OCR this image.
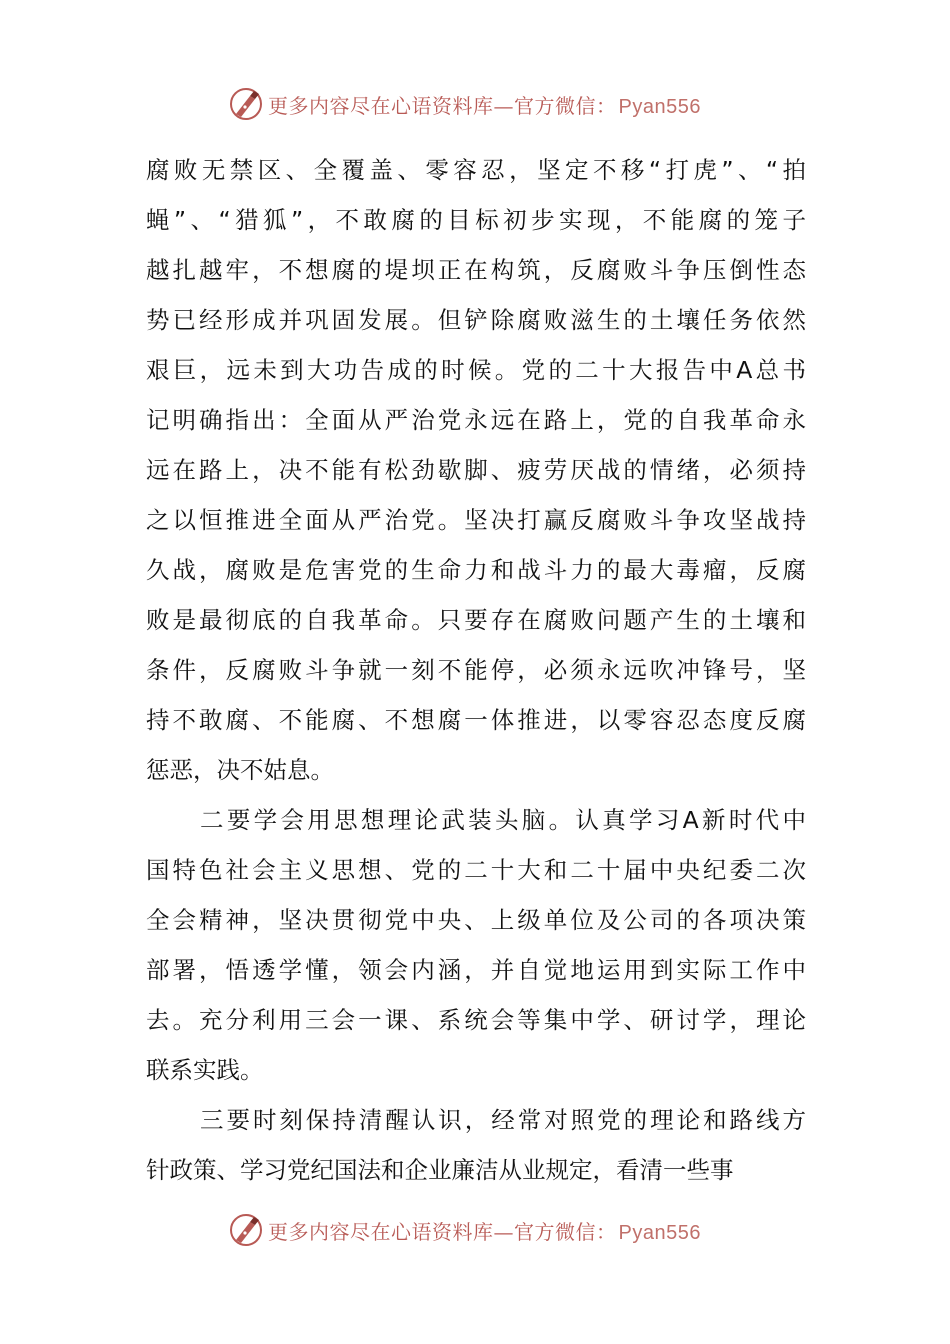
更多内容尽在心语资料库—官方微信： Pyan556
腐败无禁区、全覆盖、零容忍，坚定不移“打虎”、“拍
蝇”、“猎狐”，不敢腐的目标初步实现，不能腐的笼子
越扎越牢，不想腐的堤坝正在构筑，反腐败斗争压倒性态
势已经形成并巩固发展。但铲除腐败滋生的土壤任务依然
艰巨，远未到大功告成的时候。党的二十大报告中A总书
记明确指出：全面从严治党永远在路上，党的自我革命永
远在路上，决不能有松劲歇脚、疲劳厌战的情绪，必须持
之以恒推进全面从严治党。坚决打赢反腐败斗争攻坚战持
久战，腐败是危害党的生命力和战斗力的最大毒瘤，反腐
败是最彻底的自我革命。只要存在腐败问题产生的土壤和
条件，反腐败斗争就一刻不能停，必须永远吹冲锋号，坚
持不敢腐、不能腐、不想腐一体推进，以零容忍态度反腐
惩恶，决不姑息。
二要学会用思想理论武装头脑。认真学习A新时代中
国特色社会主义思想、党的二十大和二十届中央纪委二次
全会精神，坚决贯彻党中央、上级单位及公司的各项决策
部署，悟透学懂，领会内涵，并自觉地运用到实际工作中
去。充分利用三会一课、系统会等集中学、研讨学，理论
联系实践。
三要时刻保持清醒认识，经常对照党的理论和路线方
针政策、学习党纪国法和企业廉洁从业规定，看清一些事
更多内容尽在心语资料库—官方微信： Pyan556
